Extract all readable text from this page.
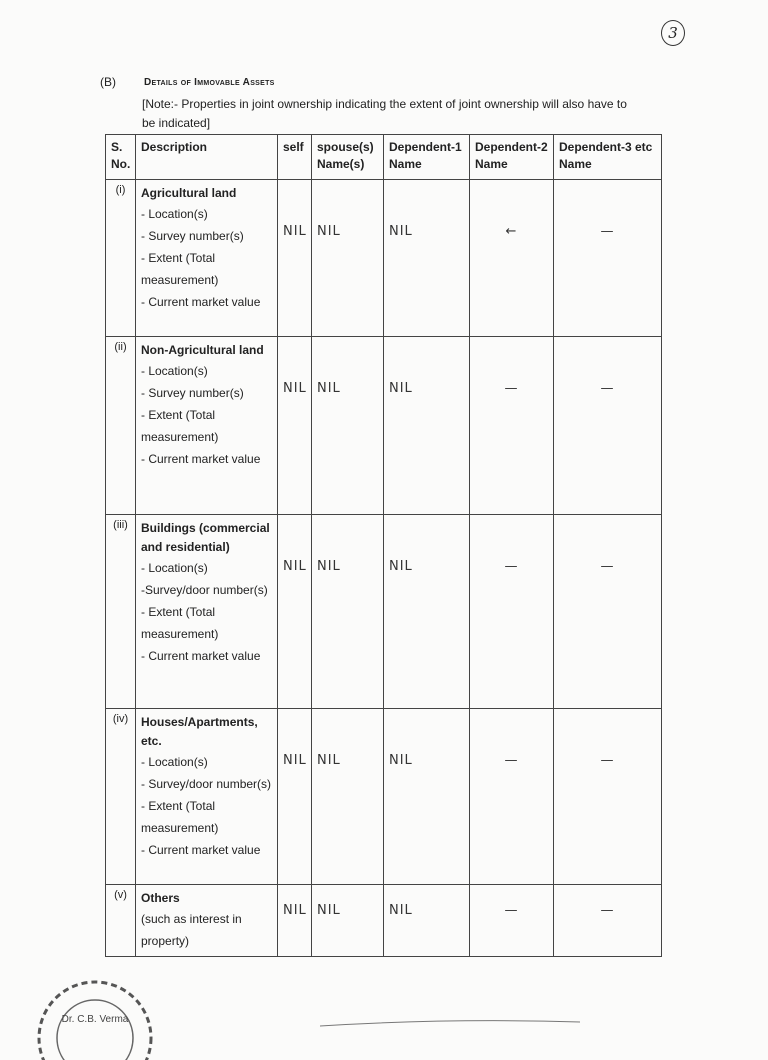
3
(B)	Details of Immovable Assets
[Note:- Properties in joint ownership indicating the extent of joint ownership will also have to be indicated]
S. No.	Description	self	spouse(s) Name(s)	Dependent-1 Name	Dependent-2 Name	Dependent-3 etc Name
(i)	Agricultural land
- Location(s)
- Survey number(s)
- Extent (Total measurement)
- Current market value	NIL	NIL	NIL	←	—

(ii)	Non-Agricultural land
- Location(s)
- Survey number(s)
- Extent (Total measurement)
- Current market value	NIL	NIL	NIL	—	—

(iii)	Buildings (commercial and residential)
- Location(s)
-Survey/door number(s)
- Extent (Total measurement)
- Current market value	NIL	NIL	NIL	—	—

(iv)	Houses/Apartments, etc.
- Location(s)
- Survey/door number(s)
- Extent (Total measurement)
- Current market value	NIL	NIL	NIL	—	—

(v)	Others
(such as interest in property)	NIL	NIL	NIL	—	—
Dr. C.B. Verma
